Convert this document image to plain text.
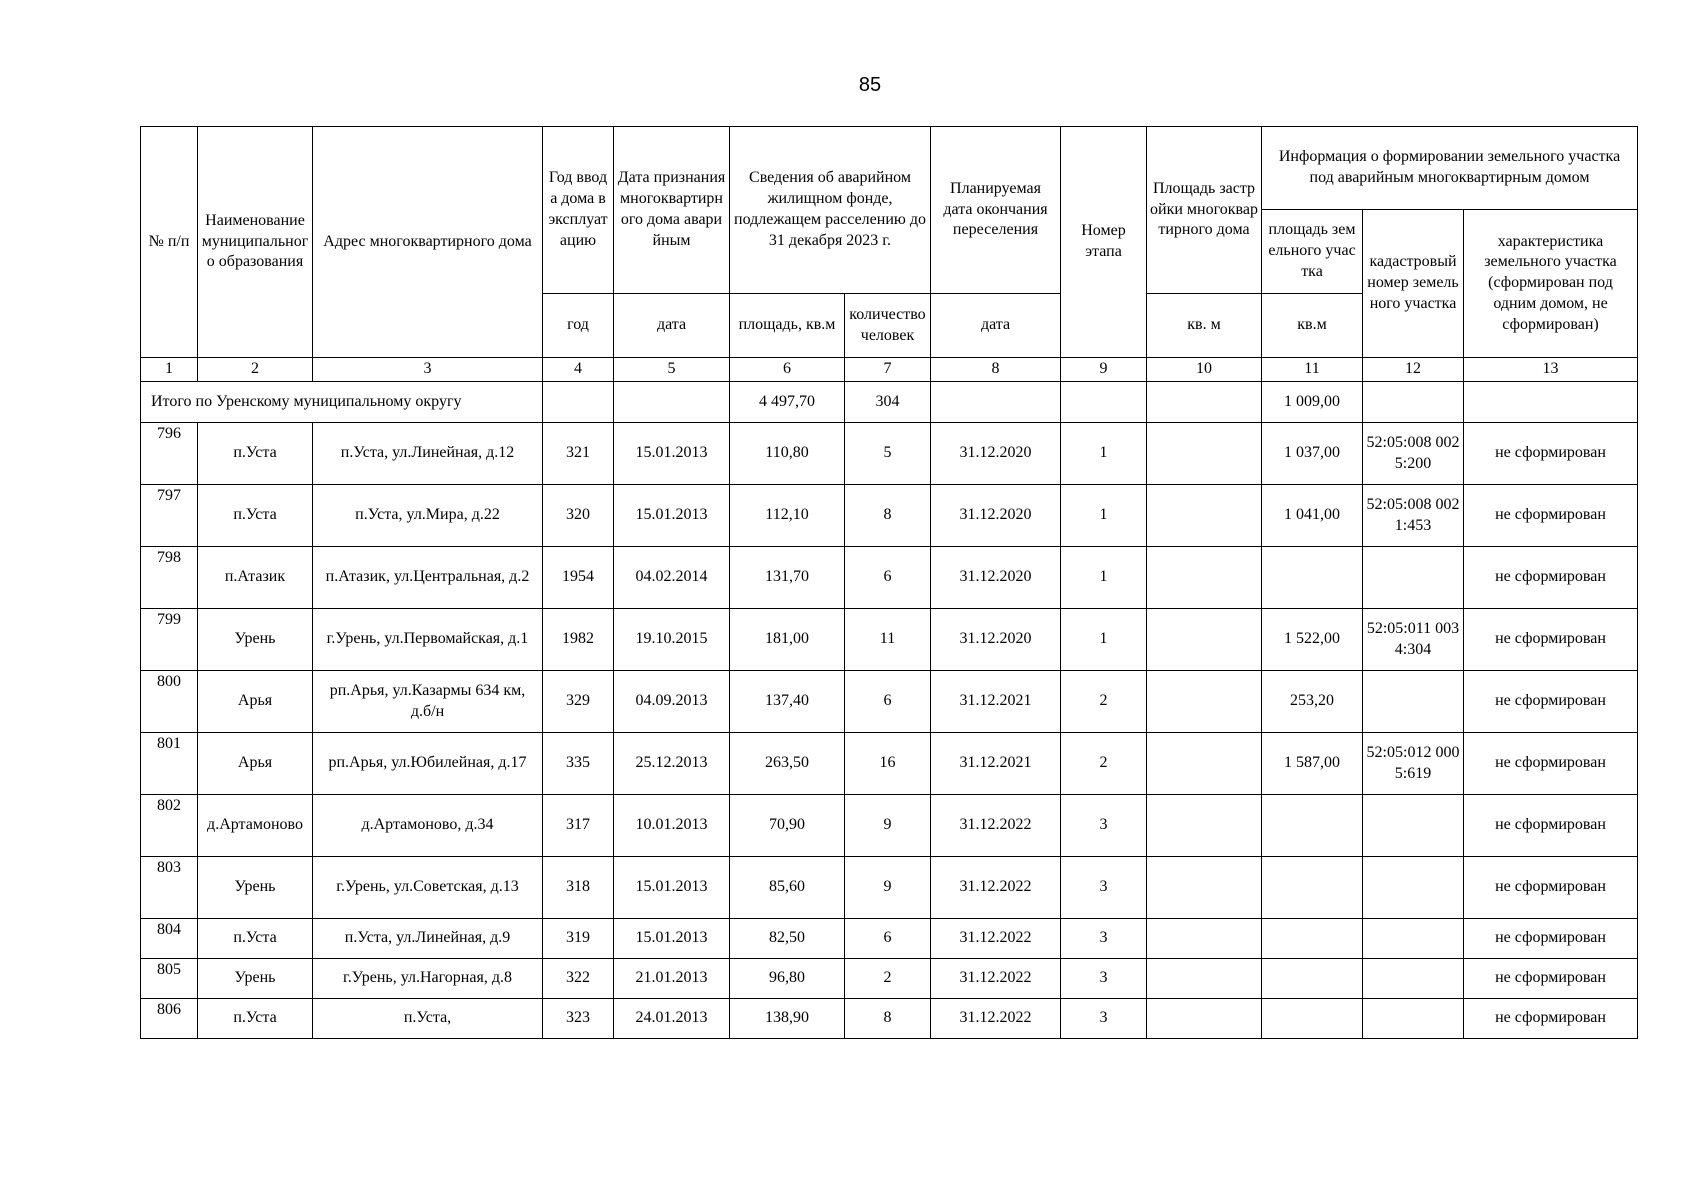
85
№ п/п	Наименование муниципального образования	Адрес многоквартирного дома	Год ввода дома в эксплуатацию	Дата признания многоквартирного дома аварийным	Сведения об аварийном жилищном фонде, подлежащем расселению до 31 декабря 2023 г.		Планируемая дата окончания переселения	Номер этапа	Площадь застройки многоквартирного дома	Информация о формировании земельного участка под аварийным многоквартирным домом		
										площадь земельного участка	кадастровый номер земельного участка	характеристика земельного участка (сформирован под одним домом, не сформирован)
			год	дата	площадь, кв.м	количество человек	дата		кв. м	кв.м		
1	2	3	4	5	6	7	8	9	10	11	12	13
Итого по Уренскому муниципальному округу					4 497,70	304				1 009,00		
796	п.Уста	п.Уста, ул.Линейная, д.12	321	15.01.2013	110,80	5	31.12.2020	1		1 037,00	52:05:008 0025:200	не сформирован
797	п.Уста	п.Уста, ул.Мира, д.22	320	15.01.2013	112,10	8	31.12.2020	1		1 041,00	52:05:008 0021:453	не сформирован
798	п.Атазик	п.Атазик, ул.Центральная, д.2	1954	04.02.2014	131,70	6	31.12.2020	1				не сформирован
799	Урень	г.Урень, ул.Первомайская, д.1	1982	19.10.2015	181,00	11	31.12.2020	1		1 522,00	52:05:011 0034:304	не сформирован
800	Арья	рп.Арья, ул.Казармы 634 км, д.б/н	329	04.09.2013	137,40	6	31.12.2021	2		253,20		не сформирован
801	Арья	рп.Арья, ул.Юбилейная, д.17	335	25.12.2013	263,50	16	31.12.2021	2		1 587,00	52:05:012 0005:619	не сформирован
802	д.Артамоново	д.Артамоново, д.34	317	10.01.2013	70,90	9	31.12.2022	3				не сформирован
803	Урень	г.Урень, ул.Советская, д.13	318	15.01.2013	85,60	9	31.12.2022	3				не сформирован
804	п.Уста	п.Уста, ул.Линейная, д.9	319	15.01.2013	82,50	6	31.12.2022	3				не сформирован
805	Урень	г.Урень, ул.Нагорная, д.8	322	21.01.2013	96,80	2	31.12.2022	3				не сформирован
806	п.Уста	п.Уста,	323	24.01.2013	138,90	8	31.12.2022	3				не сформирован
